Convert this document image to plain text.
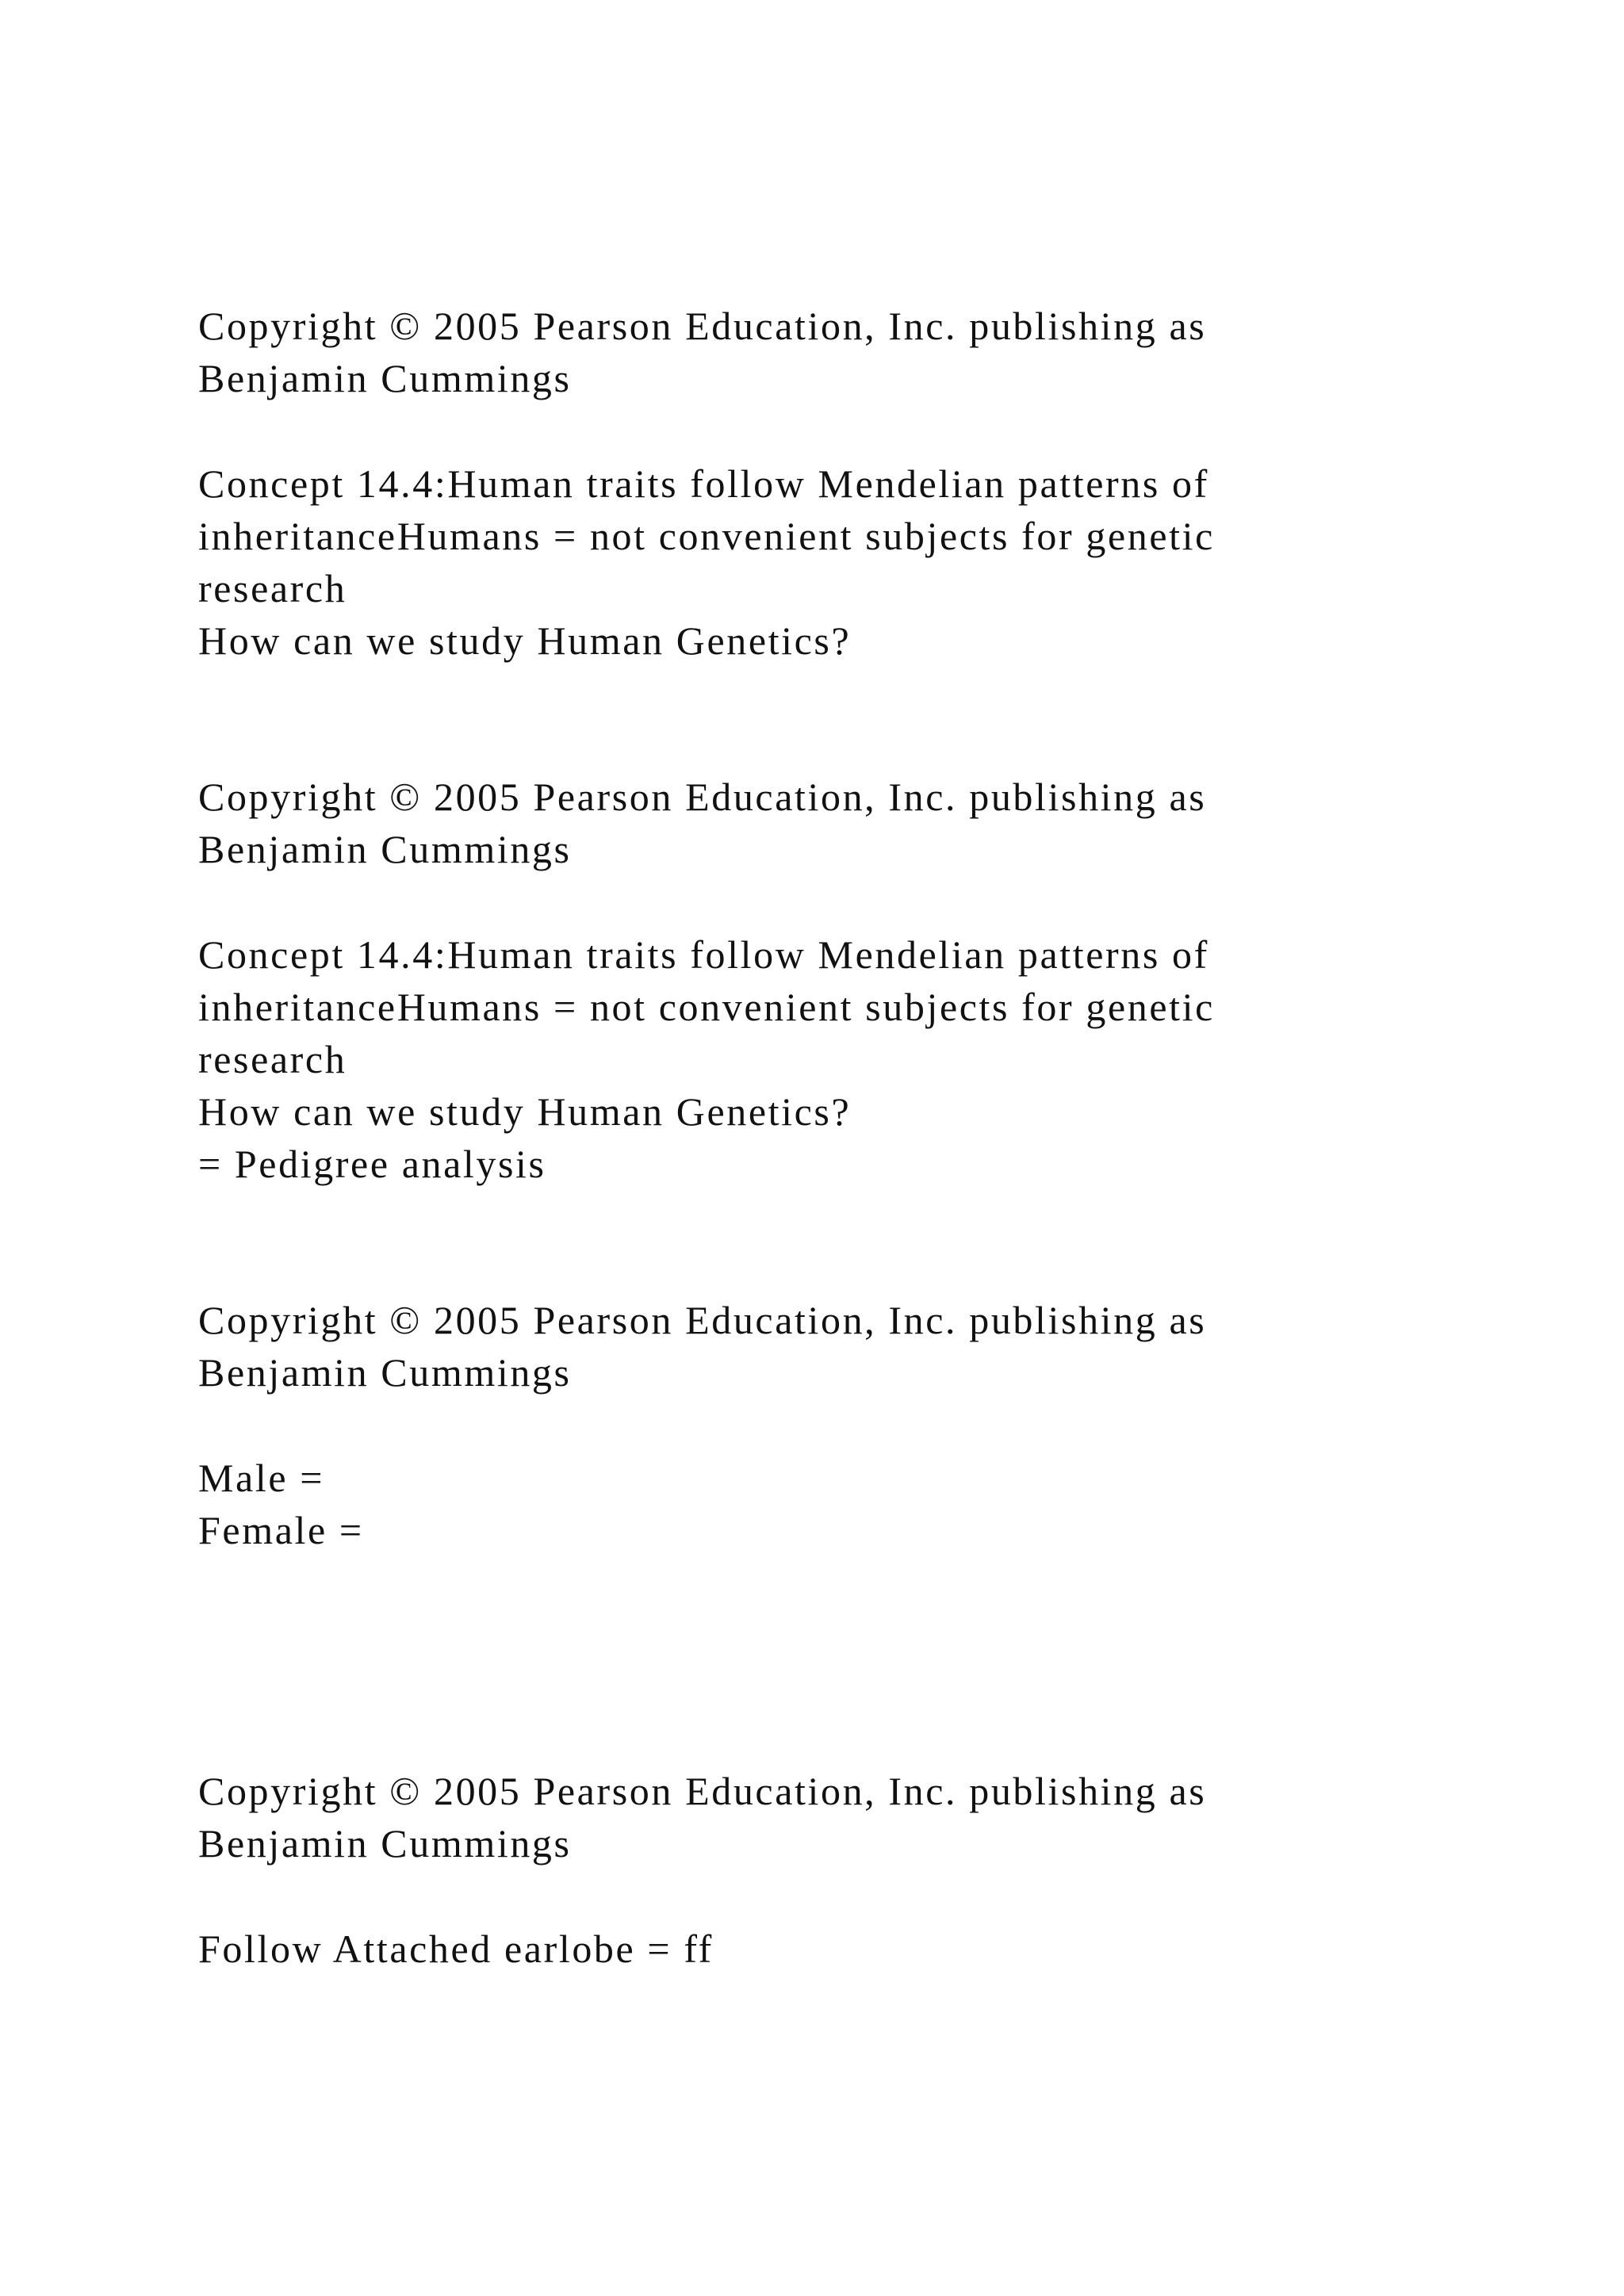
Copyright © 2005 Pearson Education, Inc. publishing as
Benjamin Cummings
Concept 14.4:Human traits follow Mendelian patterns of
inheritanceHumans = not convenient subjects for genetic
research
How can we study Human Genetics?
Copyright © 2005 Pearson Education, Inc. publishing as
Benjamin Cummings
Concept 14.4:Human traits follow Mendelian patterns of
inheritanceHumans = not convenient subjects for genetic
research
How can we study Human Genetics?
= Pedigree analysis
Copyright © 2005 Pearson Education, Inc. publishing as
Benjamin Cummings
Male =
Female =
Copyright © 2005 Pearson Education, Inc. publishing as
Benjamin Cummings
Follow Attached earlobe = ff
